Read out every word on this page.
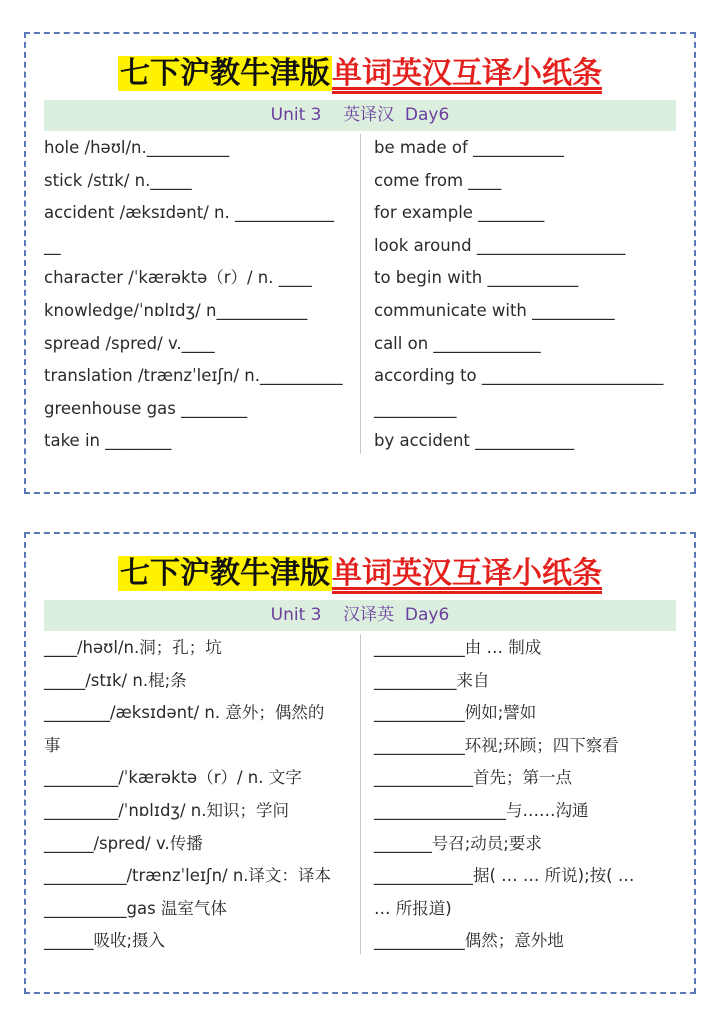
七下沪教牛津版单词英汉互译小纸条
Unit 3    英译汉  Day6
hole /həʊl/n.__________
stick /stɪk/ n._____
accident /æksɪdənt/ n. ____________
__
character /ˈkærəktə（r）/ n. ____
knowledge/ˈnɒlɪdʒ/ n___________
spread /spred/ v.____
translation /trænzˈleɪʃn/ n.__________
greenhouse gas ________
take in ________
be made of ___________
come from ____
for example ________
look around __________________
to begin with ___________
communicate with __________
call on _____________
according to ______________________
__________
by accident ____________
七下沪教牛津版单词英汉互译小纸条
Unit 3    汉译英  Day6
____/həʊl/n.洞；孔；坑
_____/stɪk/ n.棍;条
________/æksɪdənt/ n. 意外；偶然的
事
_________/ˈkærəktə（r）/ n. 文字
_________/ˈnɒlɪdʒ/ n.知识；学问
______/spred/ v.传播
__________/trænzˈleɪʃn/ n.译文：译本
__________gas 温室气体
______吸收;摄入
___________由 … 制成
__________来自
___________例如;譬如
___________环视;环顾；四下察看
____________首先；第一点
________________与……沟通
_______号召;动员;要求
____________据( … … 所说);按( …
… 所报道)
___________偶然；意外地
